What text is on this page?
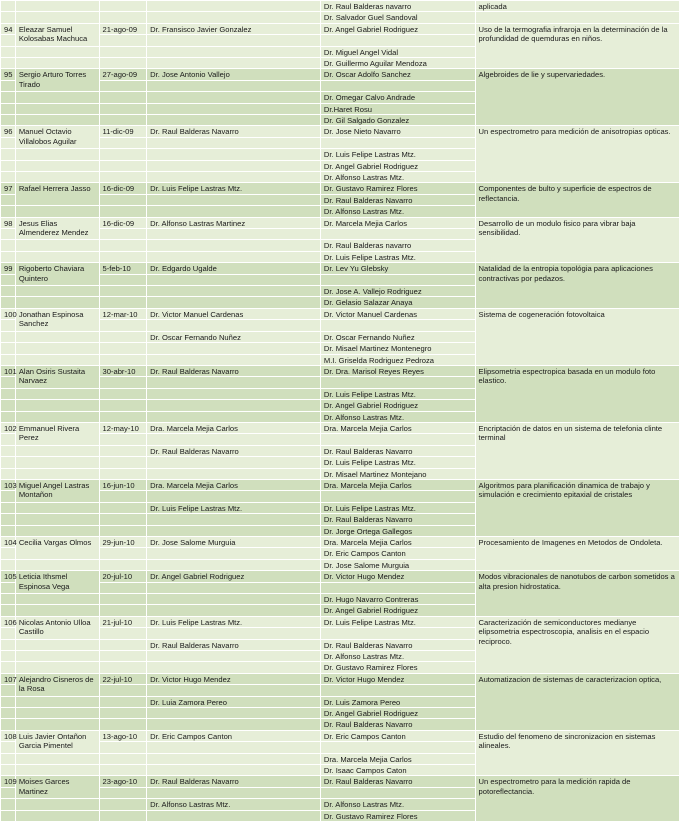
				Dr. Raul Balderas navarro	aplicada
				Dr. Salvador Guel Sandoval	
94	Eleazar Samuel Kolosabas Machuca	21-ago-09	Dr. Fransisco Javier Gonzalez	Dr. Angel Gabriel Rodriguez	Uso de la termografia infraroja en la determinación de la profundidad de quemduras en niños.

				Dr. Miguel Angel Vidal	
				Dr. Guillermo Aguilar Mendoza	
95	Sergio Arturo Torres Tirado	27-ago-09	Dr. Jose Antonio Vallejo	Dr. Oscar Adolfo Sanchez	Algebroides de lie y supervariedades.

				Dr. Omegar Calvo Andrade	
				Dr.Haret Rosu	
				Dr. Gil Salgado Gonzalez	
96	Manuel Octavio Villalobos Aguilar	11-dic-09	Dr. Raul Balderas Navarro	Dr. Jose Nieto Navarro	Un espectrometro para medición de anisotropias opticas.

				Dr. Luis Felipe Lastras Mtz.	
				Dr. Angel Gabriel Rodriguez	
				Dr. Alfonso Lastras Mtz.	
97	Rafael Herrera Jasso	16-dic-09	Dr. Luis Felipe Lastras Mtz.	Dr. Gustavo Ramirez Flores	Componentes de bulto y superficie de espectros de reflectancia.
				Dr. Raul Balderas Navarro	
				Dr. Alfonso Lastras Mtz.	
98	Jesus Elias Almenderez Mendez	16-dic-09	Dr. Alfonso Lastras Martinez	Dr. Marcela Mejia Carlos	Desarrollo de un modulo fisico para vibrar baja sensibilidad.

				Dr. Raul Balderas navarro	
				Dr. Luis Felipe Lastras Mtz.	
99	Rigoberto Chaviara Quintero	5-feb-10	Dr. Edgardo Ugalde	Dr. Lev Yu Glebsky	Natalidad de la entropia topológia para aplicaciones contractivas por pedazos.

				Dr. Jose A. Vallejo Rodriguez	
				Dr. Gelasio Salazar Anaya	
100	Jonathan Espinosa Sanchez	12-mar-10	Dr. Victor Manuel Cardenas	Dr. Victor Manuel Cardenas	Sistema de cogeneración fotovoltaica

			Dr. Oscar Fernando Nuñez	Dr. Oscar Fernando Nuñez	
				Dr. Misael Martinez Montenegro	
				M.I. Griselda Rodriguez Pedroza	
101	Alan Osiris Sustaita Narvaez	30-abr-10	Dr. Raul Balderas Navarro	Dr. Dra. Marisol Reyes Reyes	Elipsometria espectropica basada en un modulo foto elastico.

				Dr. Luis Felipe Lastras Mtz.	
				Dr. Angel Gabriel Rodriguez	
				Dr. Alfonso Lastras Mtz.	
102	Emmanuel Rivera Perez	12-may-10	Dra. Marcela Mejia Carlos	Dra. Marcela Mejia Carlos	Encriptación de datos en un sistema de telefonia clinte terminal

			Dr. Raul Balderas Navarro	Dr. Raul Balderas Navarro	
				Dr. Luis Felipe Lastras Mtz.	
				Dr. Misael Martinez Montejano	
103	Miguel Angel Lastras Montañon	16-jun-10	Dra. Marcela Mejia Carlos	Dra. Marcela Mejia Carlos	Algoritmos para planificación dinamica de trabajo y simulación e crecimiento epitaxial de cristales

			Dr. Luis Felipe Lastras Mtz.	Dr. Luis Felipe Lastras Mtz.	
				Dr. Raul Balderas Navarro	
				Dr. Jorge Ortega Gallegos	
104	Cecilia Vargas Olmos	29-jun-10	Dr. Jose Salome Murguia	Dra. Marcela Mejia Carlos	Procesamiento de Imagenes en Metodos de Ondoleta.
				Dr. Eric Campos Canton	
				Dr. Jose Salome Murguia	
105	Leticia Ithsmel Espinosa Vega	20-jul-10	Dr. Angel Gabriel Rodriguez	Dr. Victor Hugo Mendez	Modos vibracionales de nanotubos de carbon sometidos a alta presion hidrostatica.

				Dr. Hugo Navarro Contreras	
				Dr. Angel Gabriel Rodriguez	
106	Nicolas Antonio Ulloa Castillo	21-jul-10	Dr. Luis Felipe Lastras Mtz.	Dr. Luis Felipe Lastras Mtz.	Caracterización de semiconductores medianye elipsometria espectroscopia, analisis en el espacio reciproco.

			Dr. Raul Balderas Navarro	Dr. Raul Balderas Navarro	
				Dr. Alfonso Lastras Mtz.	
				Dr. Gustavo Ramirez Flores	
107	Alejandro Cisneros de la Rosa	22-jul-10	Dr. Victor Hugo Mendez	Dr. Victor Hugo Mendez	Automatizacion de sistemas de caracterizacion optica,

			Dr. Luia Zamora Pereo	Dr. Luis Zamora Pereo	
				Dr. Angel Gabriel Rodriguez	
				Dr. Raul Balderas Navarro	
108	Luis Javier Ontañon Garcia Pimentel	13-ago-10	Dr. Eric Campos Canton	Dr. Eric Campos Canton	Estudio del fenomeno de sincronizacion en sistemas alineales.

				Dra. Marcela Mejia Carlos	
				Dr. Isaac Campos Caton	
109	Moises Garces Martinez	23-ago-10	Dr. Raul Balderas Navarro	Dr. Raul Balderas Navarro	Un espectrometro para la medición rapida de potoreflectancia.

			Dr. Alfonso Lastras Mtz.	Dr. Alfonso Lastras Mtz.	
				Dr. Gustavo Ramirez Flores	
